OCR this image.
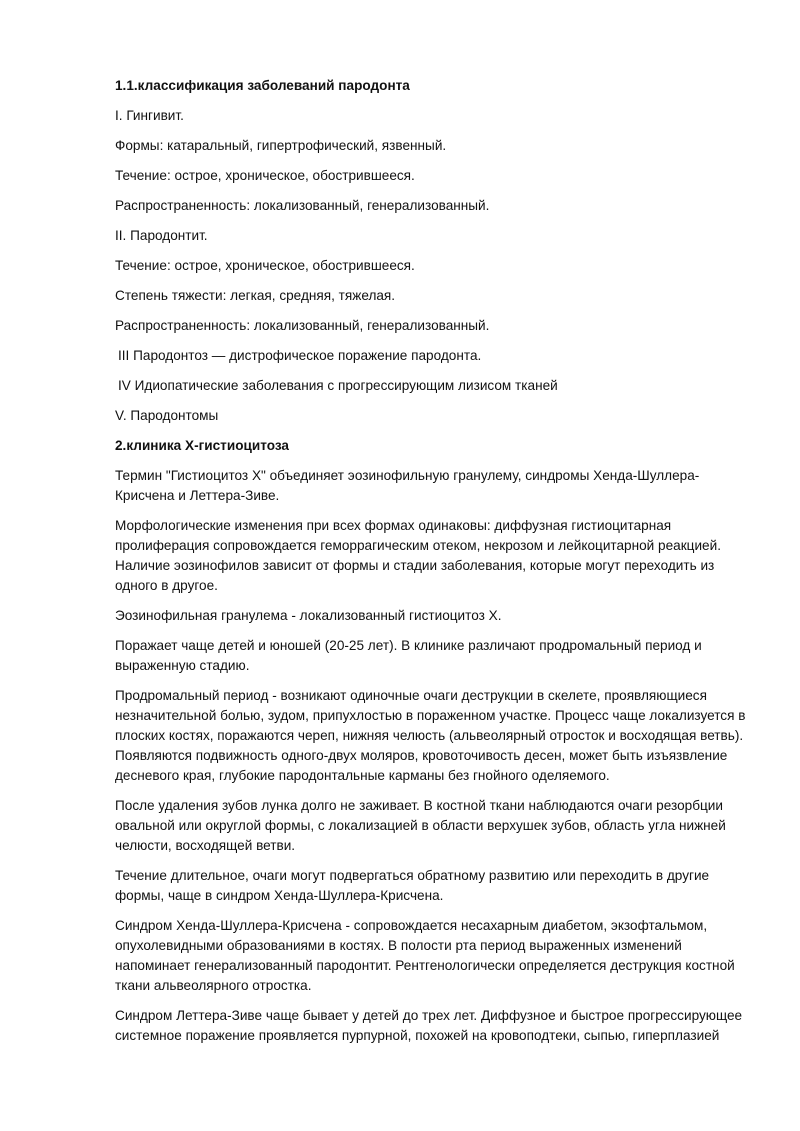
1.1.классификация заболеваний пародонта

I. Гингивит.

Формы: катаральный, гипертрофический, язвенный.

Течение: острое, хроническое, обострившееся.

Распространенность: локализованный, генерализованный.

II. Пародонтит.

Течение: острое, хроническое, обострившееся.

Степень тяжести: легкая, средняя, тяжелая.

Распространенность: локализованный, генерализованный.

III Пародонтоз — дистрофическое поражение пародонта.

IV Идиопатические заболевания с прогрессирующим лизисом тканей

V. Пародонтомы

2.клиника Х-гистиоцитоза

Термин "Гистиоцитоз X" объединяет эозинофильную гранулему, синдромы Хенда-Шуллера-Крисчена и Леттера-Зиве.

Морфологические изменения при всех формах одинаковы: диффузная гистиоцитарная пролиферация сопровождается геморрагическим отеком, некрозом и лейкоцитарной реакцией. Наличие эозинофилов зависит от формы и стадии заболевания, которые могут переходить из одного в другое.

Эозинофильная гранулема - локализованный гистиоцитоз X.

Поражает чаще детей и юношей (20-25 лет). В клинике различают продромальный период и выраженную стадию.

Продромальный период - возникают одиночные очаги деструкции в скелете, проявляющиеся незначительной болью, зудом, припухлостью в пораженном участке. Процесс чаще локализуется в плоских костях, поражаются череп, нижняя челюсть (альвеолярный отросток и восходящая ветвь). Появляются подвижность одного-двух моляров, кровоточивость десен, может быть изъязвление десневого края, глубокие пародонтальные карманы без гнойного оделяемого.

После удаления зубов лунка долго не заживает. В костной ткани наблюдаются очаги резорбции овальной или округлой формы, с локализацией в области верхушек зубов, область угла нижней челюсти, восходящей ветви.

Течение длительное, очаги могут подвергаться обратному развитию или переходить в другие формы, чаще в синдром Хенда-Шуллера-Крисчена.

Синдром Хенда-Шуллера-Крисчена - сопровождается несахарным диабетом, экзофтальмом, опухолевидными образованиями в костях. В полости рта период выраженных изменений напоминает генерализованный пародонтит. Рентгенологически определяется деструкция костной ткани альвеолярного отростка.

Синдром Леттера-Зиве чаще бывает у детей до трех лет. Диффузное и быстрое прогрессирующее системное поражение проявляется пурпурной, похожей на кровоподтеки, сыпью, гиперплазией
